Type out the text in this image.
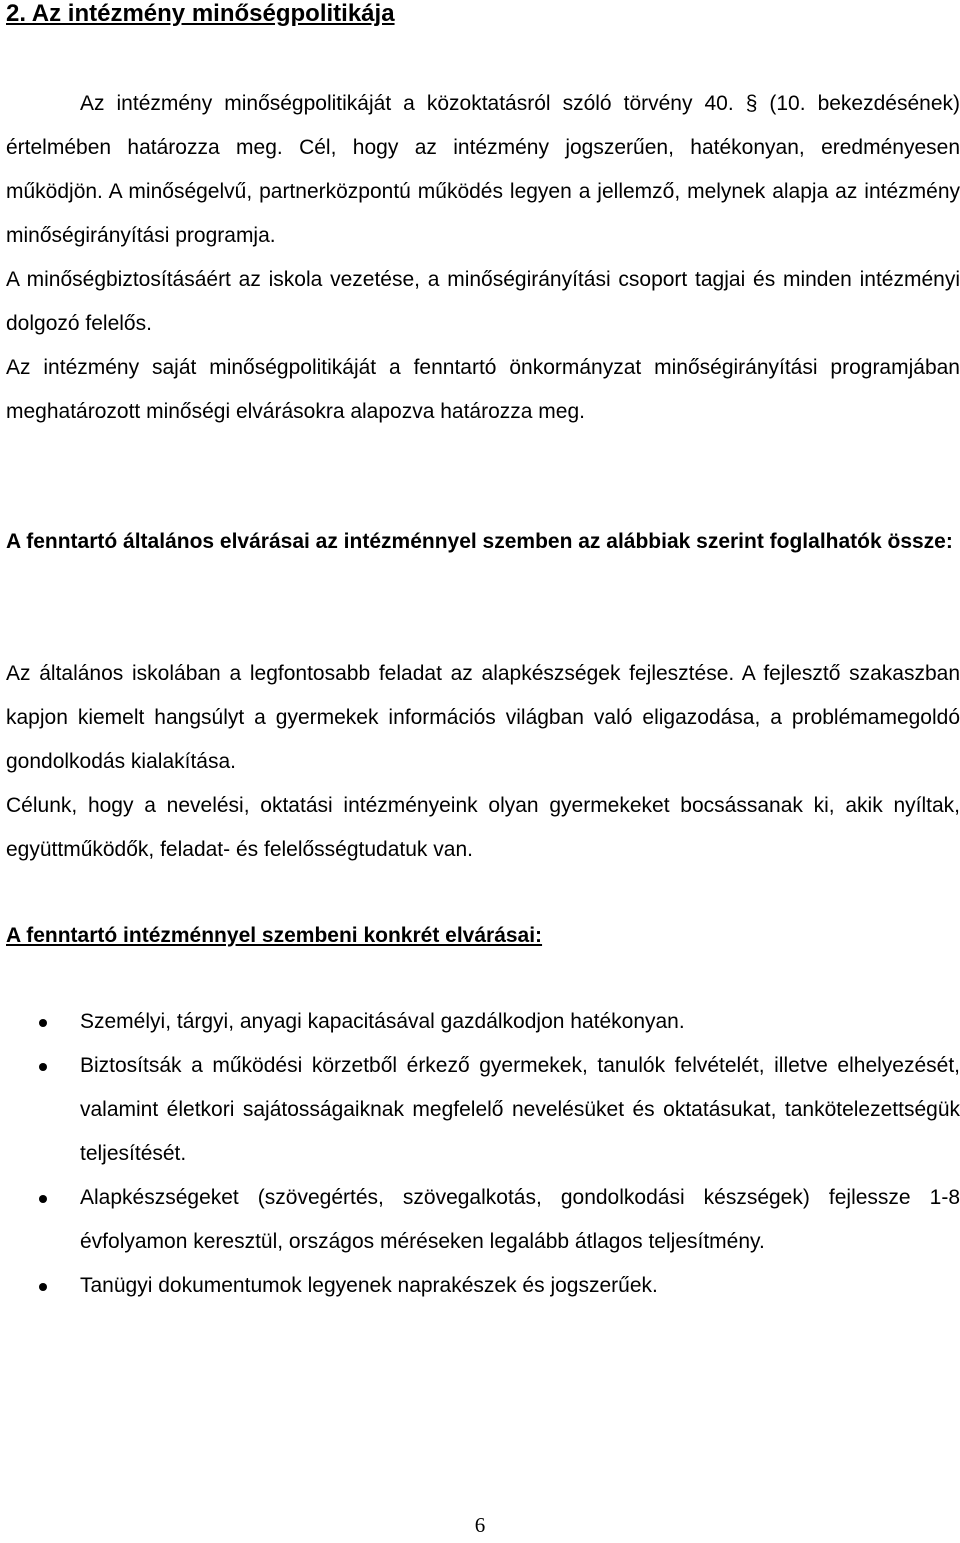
2. Az intézmény minőségpolitikája

Az intézmény minőségpolitikáját a közoktatásról szóló törvény 40. § (10. bekezdésének) értelmében határozza meg. Cél, hogy az intézmény jogszerűen, hatékonyan, eredményesen működjön. A minőségelvű, partnerközpontú működés legyen a jellemző, melynek alapja az intézmény minőségirányítási programja.

A minőségbiztosításáért az iskola vezetése, a minőségirányítási csoport tagjai és minden intézményi dolgozó felelős.

Az intézmény saját minőségpolitikáját a fenntartó önkormányzat minőségirányítási programjában meghatározott minőségi elvárásokra alapozva határozza meg.

A fenntartó általános elvárásai az intézménnyel szemben az alábbiak szerint foglalhatók össze:

Az általános iskolában a legfontosabb feladat az alapkészségek fejlesztése. A fejlesztő szakaszban kapjon kiemelt hangsúlyt a gyermekek információs világban való eligazodása, a problémamegoldó gondolkodás kialakítása.

Célunk, hogy a nevelési, oktatási intézményeink olyan gyermekeket bocsássanak ki, akik nyíltak, együttműködők, feladat- és felelősségtudatuk van.

A fenntartó intézménnyel szembeni konkrét elvárásai:
Személyi, tárgyi, anyagi kapacitásával gazdálkodjon hatékonyan.
Biztosítsák a működési körzetből érkező gyermekek, tanulók felvételét, illetve elhelyezését, valamint életkori sajátosságaiknak megfelelő nevelésüket és oktatásukat, tankötelezettségük teljesítését.
Alapkészségeket (szövegértés, szövegalkotás, gondolkodási készségek) fejlessze 1-8 évfolyamon keresztül, országos méréseken legalább átlagos teljesítmény.
Tanügyi dokumentumok legyenek naprakészek és jogszerűek.
6
